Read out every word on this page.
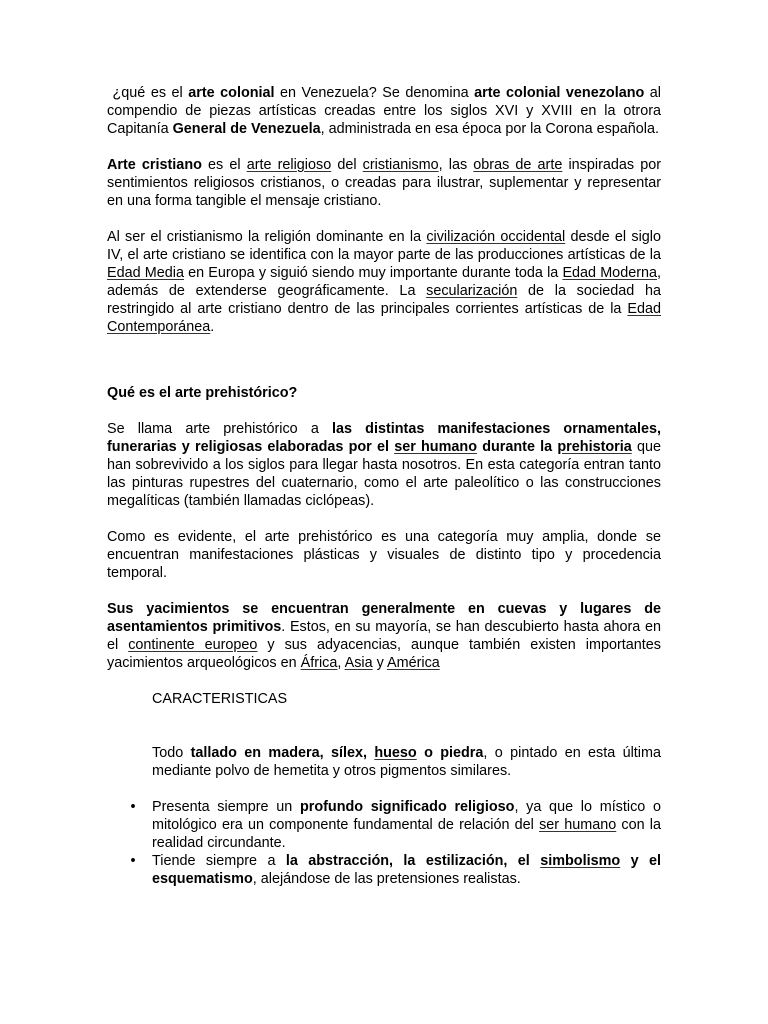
¿qué es el arte colonial en Venezuela? Se denomina arte colonial venezolano al compendio de piezas artísticas creadas entre los siglos XVI y XVIII en la otrora Capitanía General de Venezuela, administrada en esa época por la Corona española.

Arte cristiano es el arte religioso del cristianismo, las obras de arte inspiradas por sentimientos religiosos cristianos, o creadas para ilustrar, suplementar y representar en una forma tangible el mensaje cristiano.

Al ser el cristianismo la religión dominante en la civilización occidental desde el siglo IV, el arte cristiano se identifica con la mayor parte de las producciones artísticas de la Edad Media en Europa y siguió siendo muy importante durante toda la Edad Moderna, además de extenderse geográficamente. La secularización de la sociedad ha restringido al arte cristiano dentro de las principales corrientes artísticas de la Edad Contemporánea.

Qué es el arte prehistórico?

Se llama arte prehistórico a las distintas manifestaciones ornamentales, funerarias y religiosas elaboradas por el ser humano durante la prehistoria que han sobrevivido a los siglos para llegar hasta nosotros. En esta categoría entran tanto las pinturas rupestres del cuaternario, como el arte paleolítico o las construcciones megalíticas (también llamadas ciclópeas).

Como es evidente, el arte prehistórico es una categoría muy amplia, donde se encuentran manifestaciones plásticas y visuales de distinto tipo y procedencia temporal.

Sus yacimientos se encuentran generalmente en cuevas y lugares de asentamientos primitivos. Estos, en su mayoría, se han descubierto hasta ahora en el continente europeo y sus adyacencias, aunque también existen importantes yacimientos arqueológicos en África, Asia y América

CARACTERISTICAS

Todo tallado en madera, sílex, hueso o piedra, o pintado en esta última mediante polvo de hemetita y otros pigmentos similares.

• Presenta siempre un profundo significado religioso, ya que lo místico o mitológico era un componente fundamental de relación del ser humano con la realidad circundante.
• Tiende siempre a la abstracción, la estilización, el simbolismo y el esquematismo, alejándose de las pretensiones realistas.
